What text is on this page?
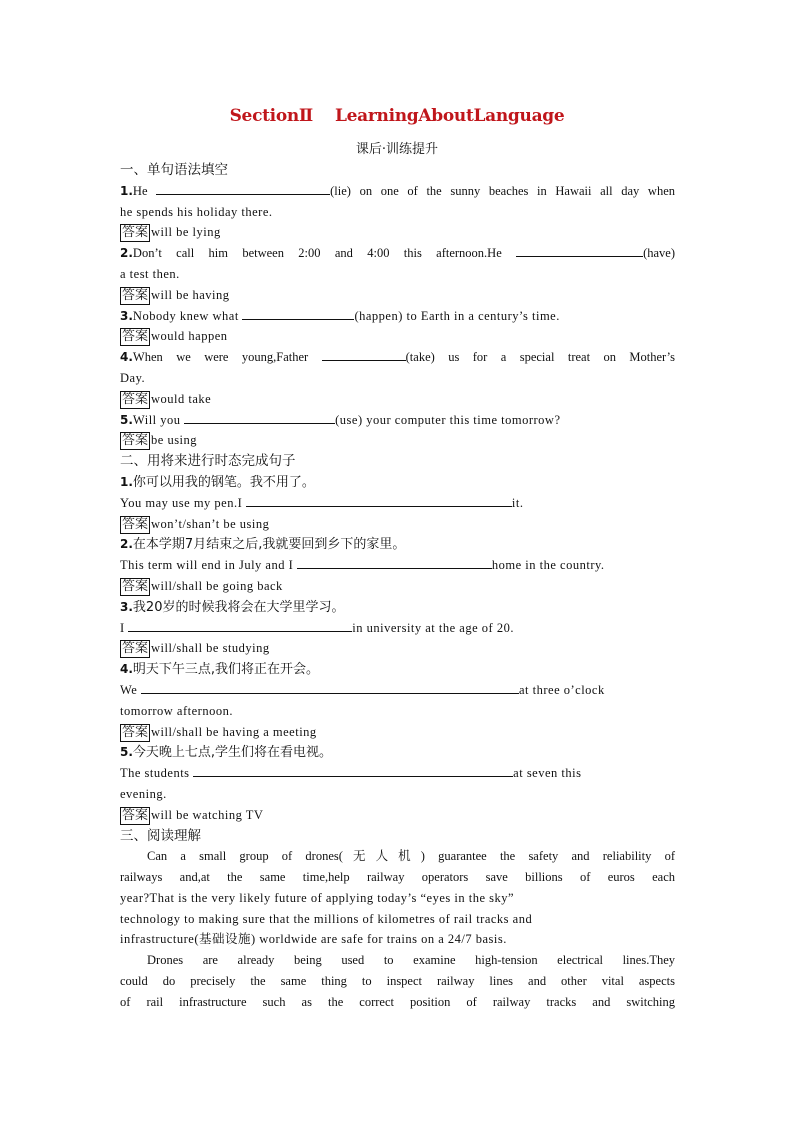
SectionⅡ LearningAboutLanguage
课后·训练提升
一、单句语法填空
1.He	(lie) on one of the sunny beaches in Hawaii all day when
he spends his holiday there.
答案 will be lying
2.Don’t call him between 2:00 and 4:00 this afternoon.He	(have)
a test then.
答案 will be having
3.Nobody knew what	(happen) to Earth in a century’s time.
答案 would happen
4.When we were young,Father	(take) us for a special treat on Mother’s
Day.
答案 would take
5.Will you	(use) your computer this time tomorrow?
答案 be using
二、用将来进行时态完成句子
1.你可以用我的钢笔。我不用了。
You may use my pen.I	it.
答案 won’t/shan’t be using
2.在本学期7月结束之后,我就要回到乡下的家里。
This term will end in July and I	home in the country.
答案 will/shall be going back
3.我20岁的时候我将会在大学里学习。
I	in university at the age of 20.
答案 will/shall be studying
4.明天下午三点,我们将正在开会。
We	at three o’clock
tomorrow afternoon.
答案 will/shall be having a meeting
5.今天晚上七点,学生们将在看电视。
The students	at seven this
evening.
答案 will be watching TV
三、阅读理解
Can a small group of drones(无人机) guarantee the safety and reliability of
railways and,at the same time,help railway operators save billions of euros each
year?That is the very likely future of applying today’s “eyes in the sky”
technology to making sure that the millions of kilometres of rail tracks and
infrastructure(基础设施) worldwide are safe for trains on a 24/7 basis.
Drones are already being used to examine high-tension electrical lines.They
could do precisely the same thing to inspect railway lines and other vital aspects
of rail infrastructure such as the correct position of railway tracks and switching
